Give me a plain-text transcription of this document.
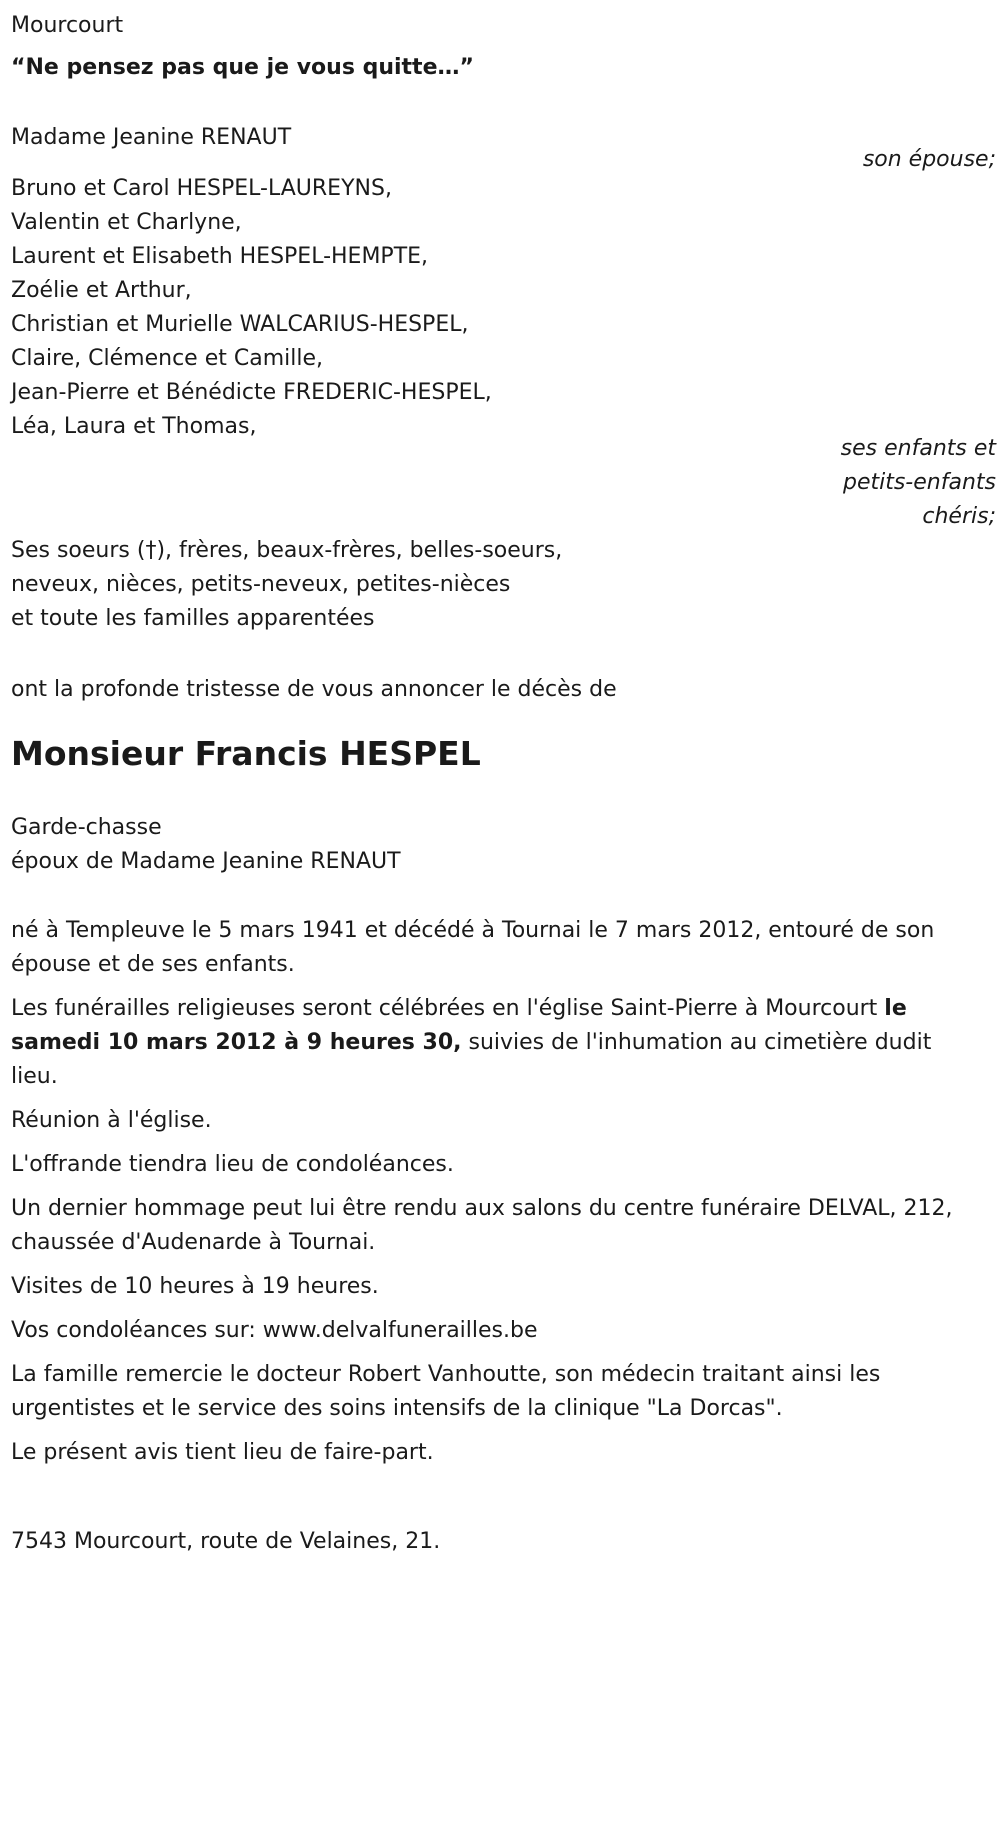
Mourcourt
“Ne pensez pas que je vous quitte…”
Madame Jeanine RENAUT
son épouse;
Bruno et Carol HESPEL-LAUREYNS,
Valentin et Charlyne,
Laurent et Elisabeth HESPEL-HEMPTE,
Zoélie et Arthur,
Christian et Murielle WALCARIUS-HESPEL,
Claire, Clémence et Camille,
Jean-Pierre et Bénédicte FREDERIC-HESPEL,
Léa, Laura et Thomas,
ses enfants et
petits-enfants
chéris;
Ses soeurs (†), frères, beaux-frères, belles-soeurs,
neveux, nièces, petits-neveux, petites-nièces
et toute les familles apparentées
ont la profonde tristesse de vous annoncer le décès de
Monsieur Francis HESPEL
Garde-chasse
époux de Madame Jeanine RENAUT

né à Templeuve le 5 mars 1941 et décédé à Tournai le 7 mars 2012, entouré de son épouse et de ses enfants.

Les funérailles religieuses seront célébrées en l'église Saint-Pierre à Mourcourt le samedi 10 mars 2012 à 9 heures 30, suivies de l'inhumation au cimetière dudit lieu.

Réunion à l'église.

L'offrande tiendra lieu de condoléances.

Un dernier hommage peut lui être rendu aux salons du centre funéraire DELVAL, 212, chaussée d'Audenarde à Tournai.

Visites de 10 heures à 19 heures.

Vos condoléances sur: www.delvalfunerailles.be

La famille remercie le docteur Robert Vanhoutte, son médecin traitant ainsi les urgentistes et le service des soins intensifs de la clinique "La Dorcas".

Le présent avis tient lieu de faire-part.

7543 Mourcourt, route de Velaines, 21.
